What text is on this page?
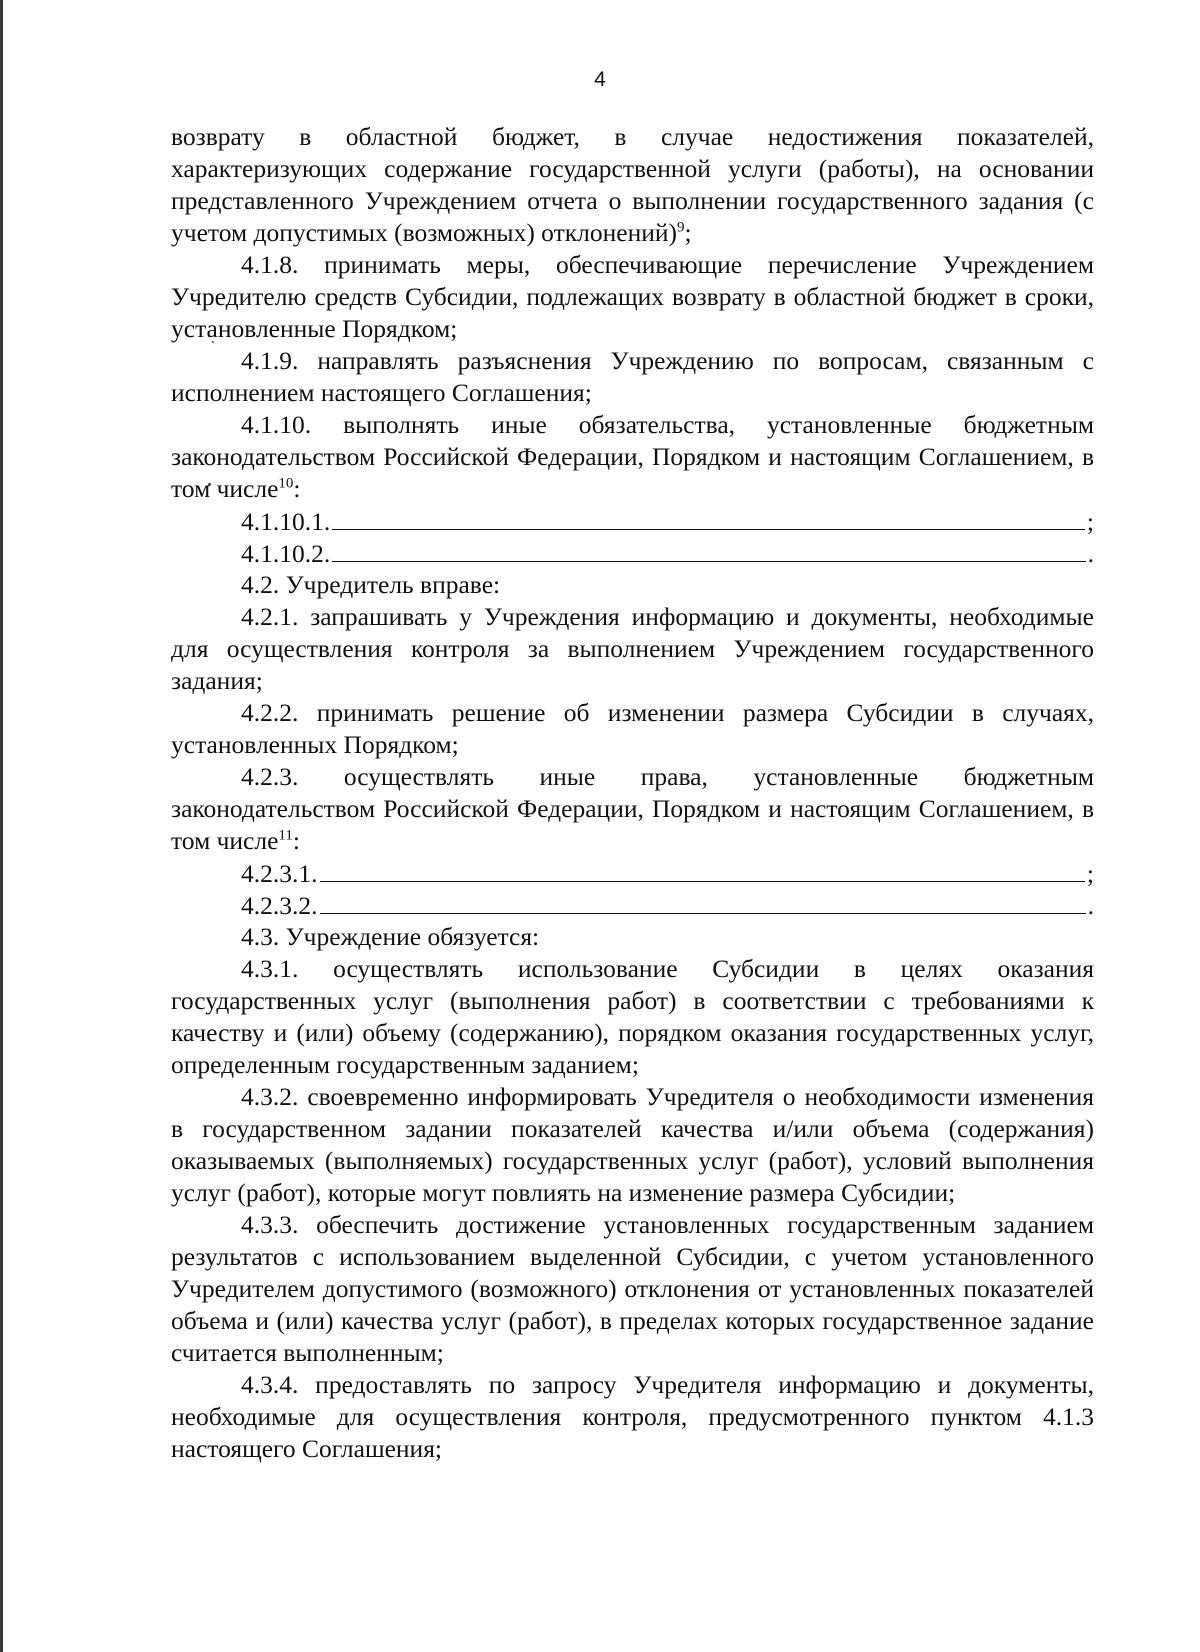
4

возврату в областной бюджет, в случае недостижения показателей, характеризующих содержание государственной услуги (работы), на основании представленного Учреждением отчета о выполнении государственного задания (с учетом допустимых (возможных) отклонений)$^9$;

4.1.8. принимать меры, обеспечивающие перечисление Учреждением Учредителю средств Субсидии, подлежащих возврату в областной бюджет в сроки, установленные Порядком;

4.1.9. направлять разъяснения Учреждению по вопросам, связанным с исполнением настоящего Соглашения;

4.1.10. выполнять иные обязательства, установленные бюджетным законодательством Российской Федерации, Порядком и настоящим Соглашением, в том числе$^{10}$:

4.1.10.1.	;
4.1.10.2.	.

4.2. Учредитель вправе:

4.2.1. запрашивать у Учреждения информацию и документы, необходимые для осуществления контроля за выполнением Учреждением государственного задания;

4.2.2. принимать решение об изменении размера Субсидии в случаях, установленных Порядком;

4.2.3. осуществлять иные права, установленные бюджетным законодательством Российской Федерации, Порядком и настоящим Соглашением, в том числе$^{11}$:

4.2.3.1.	;
4.2.3.2.	.

4.3. Учреждение обязуется:

4.3.1. осуществлять использование Субсидии в целях оказания государственных услуг (выполнения работ) в соответствии с требованиями к качеству и (или) объему (содержанию), порядком оказания государственных услуг, определенным государственным заданием;

4.3.2. своевременно информировать Учредителя о необходимости изменения в государственном задании показателей качества и/или объема (содержания) оказываемых (выполняемых) государственных услуг (работ), условий выполнения услуг (работ), которые могут повлиять на изменение размера Субсидии;

4.3.3. обеспечить достижение установленных государственным заданием результатов с использованием выделенной Субсидии, с учетом установленного Учредителем допустимого (возможного) отклонения от установленных показателей объема и (или) качества услуг (работ), в пределах которых государственное задание считается выполненным;

4.3.4. предоставлять по запросу Учредителя информацию и документы, необходимые для осуществления контроля, предусмотренного пунктом 4.1.3 настоящего Соглашения;
